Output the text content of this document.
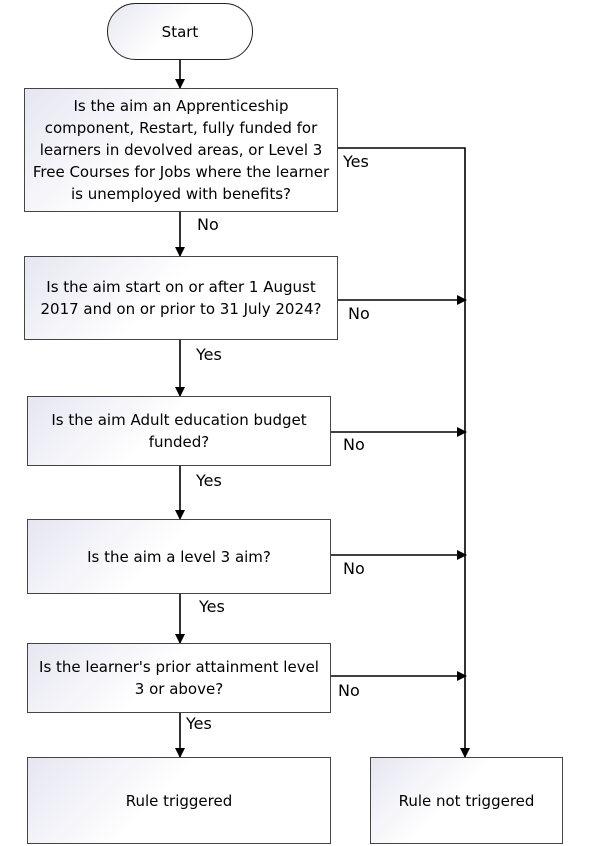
Start
Is the aim an Apprenticeship component, Restart, fully funded for learners in devolved areas, or Level 3 Free Courses for Jobs where the learner is unemployed with benefits?
Is the aim start on or after 1 August 2017 and on or prior to 31 July 2024?
Is the aim Adult education budget funded?
Is the aim a level 3 aim?
Is the learner's prior attainment level 3 or above?
Rule triggered	Rule not triggered
Yes
No
No
Yes
No
Yes
No
Yes
No
Yes
